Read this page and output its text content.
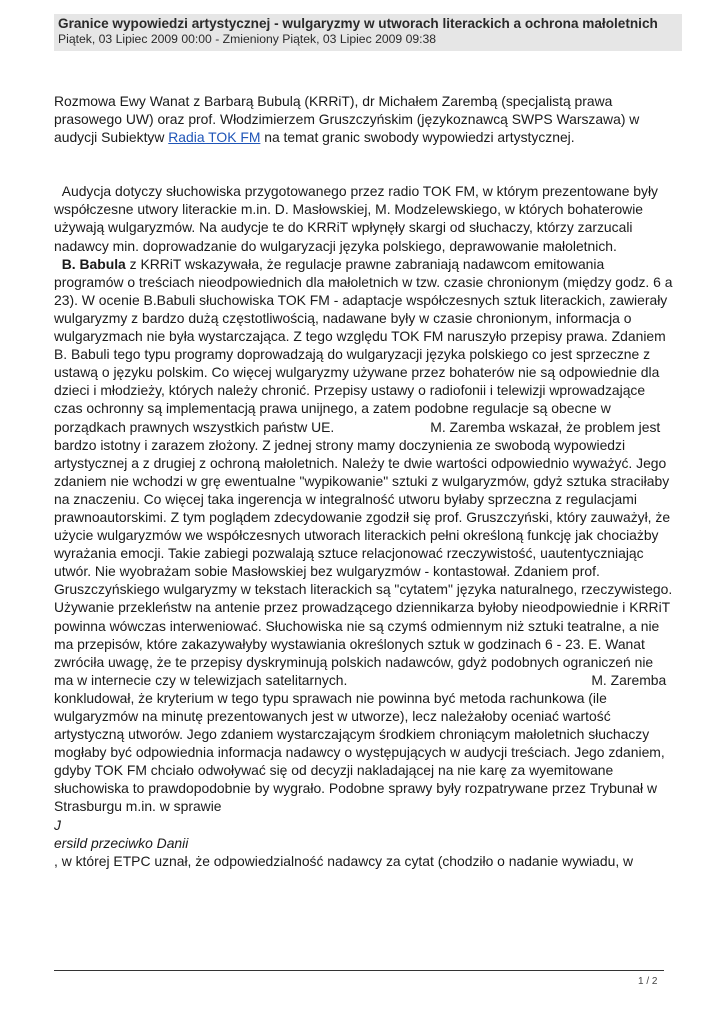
Granice wypowiedzi artystycznej - wulgaryzmy w utworach literackich a ochrona małoletnich
Piątek, 03 Lipiec 2009 00:00 - Zmieniony Piątek, 03 Lipiec 2009 09:38

Rozmowa Ewy Wanat z Barbarą Bubulą (KRRiT), dr Michałem Zarembą (specjalistą prawa prasowego UW) oraz prof. Włodzimierzem Gruszczyńskim (językoznawcą SWPS Warszawa) w audycji Subiektyw Radia TOK FM na temat granic swobody wypowiedzi artystycznej.

Audycja dotyczy słuchowiska przygotowanego przez radio TOK FM, w którym prezentowane były współczesne utwory literackie m.in. D. Masłowskiej, M. Modzelewskiego, w których bohaterowie używają wulgaryzmów. Na audycje te do KRRiT wpłynęły skargi od słuchaczy, którzy zarzucali nadawcy min. doprowadzanie do wulgaryzacji języka polskiego, deprawowanie małoletnich.

B. Babula z KRRiT wskazywała, że regulacje prawne zabraniają nadawcom emitowania programów o treściach nieodpowiednich dla małoletnich w tzw. czasie chronionym (między godz. 6 a 23). W ocenie B.Babuli słuchowiska TOK FM - adaptacje współczesnych sztuk literackich, zawierały wulgaryzmy z bardzo dużą częstotliwością, nadawane były w czasie chronionym, informacja o wulgaryzmach nie była wystarczająca. Z tego względu TOK FM naruszyło przepisy prawa. Zdaniem B. Babuli tego typu programy doprowadzają do wulgaryzacji języka polskiego co jest sprzeczne z ustawą o języku polskim. Co więcej wulgaryzmy używane przez bohaterów nie są odpowiednie dla dzieci i młodzieży, których należy chronić. Przepisy ustawy o radiofonii i telewizji wprowadzające czas ochronny są implementacją prawa unijnego, a zatem podobne regulacje są obecne w porządkach prawnych wszystkich państw UE.	M. Zaremba wskazał, że problem jest bardzo istotny i zarazem złożony. Z jednej strony mamy doczynienia ze swobodą wypowiedzi artystycznej a z drugiej z ochroną małoletnich. Należy te dwie wartości odpowiednio wyważyć. Jego zdaniem nie wchodzi w grę ewentualne "wypikowanie" sztuki z wulgaryzmów, gdyż sztuka straciłaby na znaczeniu. Co więcej taka ingerencja w integralność utworu byłaby sprzeczna z regulacjami prawnoautorskimi. Z tym poglądem zdecydowanie zgodził się prof. Gruszczyński, który zauważył, że użycie wulgaryzmów we współczesnych utworach literackich pełni określoną funkcję jak chociażby wyrażania emocji. Takie zabiegi pozwalają sztuce relacjonować rzeczywistość, uautentyczniając utwór. Nie wyobrażam sobie Masłowskiej bez wulgaryzmów - kontastował. Zdaniem prof. Gruszczyńskiego wulgaryzmy w tekstach literackich są "cytatem" języka naturalnego, rzeczywistego. Używanie przekleństw na antenie przez prowadzącego dziennikarza byłoby nieodpowiednie i KRRiT powinna wówczas interweniować. Słuchowiska nie są czymś odmiennym niż sztuki teatralne, a nie ma przepisów, które zakazywałyby wystawiania określonych sztuk w godzinach 6 - 23. E. Wanat zwróciła uwagę, że te przepisy dyskryminują polskich nadawców, gdyż podobnych ograniczeń nie ma w internecie czy w telewizjach satelitarnych.	M. Zaremba konkludował, że kryterium w tego typu sprawach nie powinna być metoda rachunkowa (ile wulgaryzmów na minutę prezentowanych jest w utworze), lecz należałoby oceniać wartość artystyczną utworów. Jego zdaniem wystarczającym środkiem chroniącym małoletnich słuchaczy mogłaby być odpowiednia informacja nadawcy o występujących w audycji treściach. Jego zdaniem, gdyby TOK FM chciało odwoływać się od decyzji nakladającej na nie karę za wyemitowane słuchowiska to prawdopodobnie by wygrało. Podobne sprawy były rozpatrywane przez Trybunał w Strasburgu m.in. w sprawie

J

ersild przeciwko Danii

, w której ETPC uznał, że odpowiedzialność nadawcy za cytat (chodziło o nadanie wywiadu, w

1 / 2
